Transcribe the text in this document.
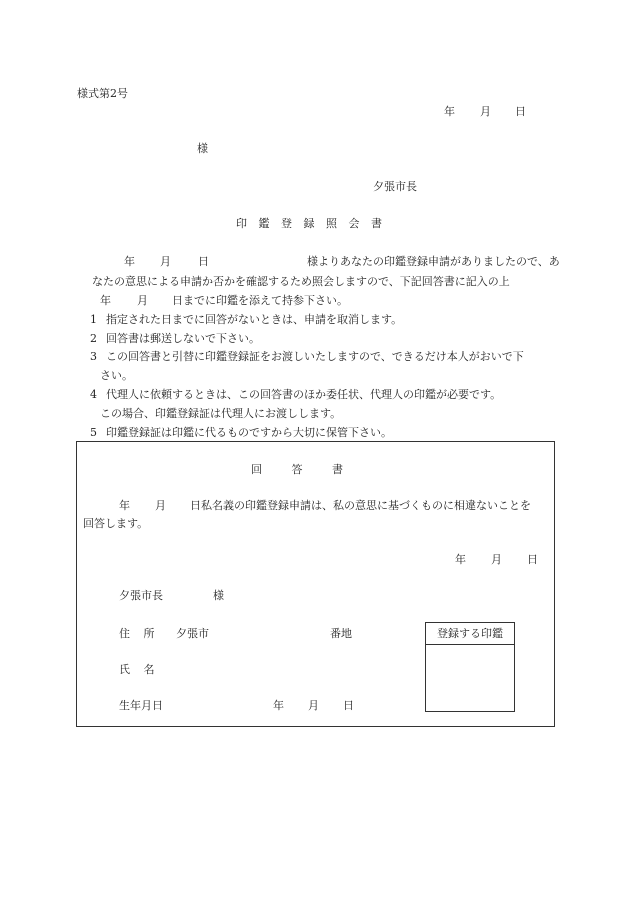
様式第2号
年 月 日
様
夕張市長
印 鑑 登 録 照 会 書
年 月 日	様よりあなたの印鑑登録申請がありましたので、あ
なたの意思による申請か否かを確認するため照会しますので、下記回答書に記入の上
年 月 日までに印鑑を添えて持参下さい。
1 指定された日までに回答がないときは、申請を取消します。
2 回答書は郵送しないで下さい。
3 この回答書と引替に印鑑登録証をお渡しいたしますので、できるだけ本人がおいで下
さい。
4 代理人に依頼するときは、この回答書のほか委任状、代理人の印鑑が必要です。
この場合、印鑑登録証は代理人にお渡しします。
5 印鑑登録証は印鑑に代るものですから大切に保管下さい。
回 答 書
年 月 日私名義の印鑑登録申請は、私の意思に基づくものに相違ないことを
回答します。
年 月 日
夕張市長	様
住 所 夕張市	番地
氏 名
生年月日	年 月 日
登録する印鑑
